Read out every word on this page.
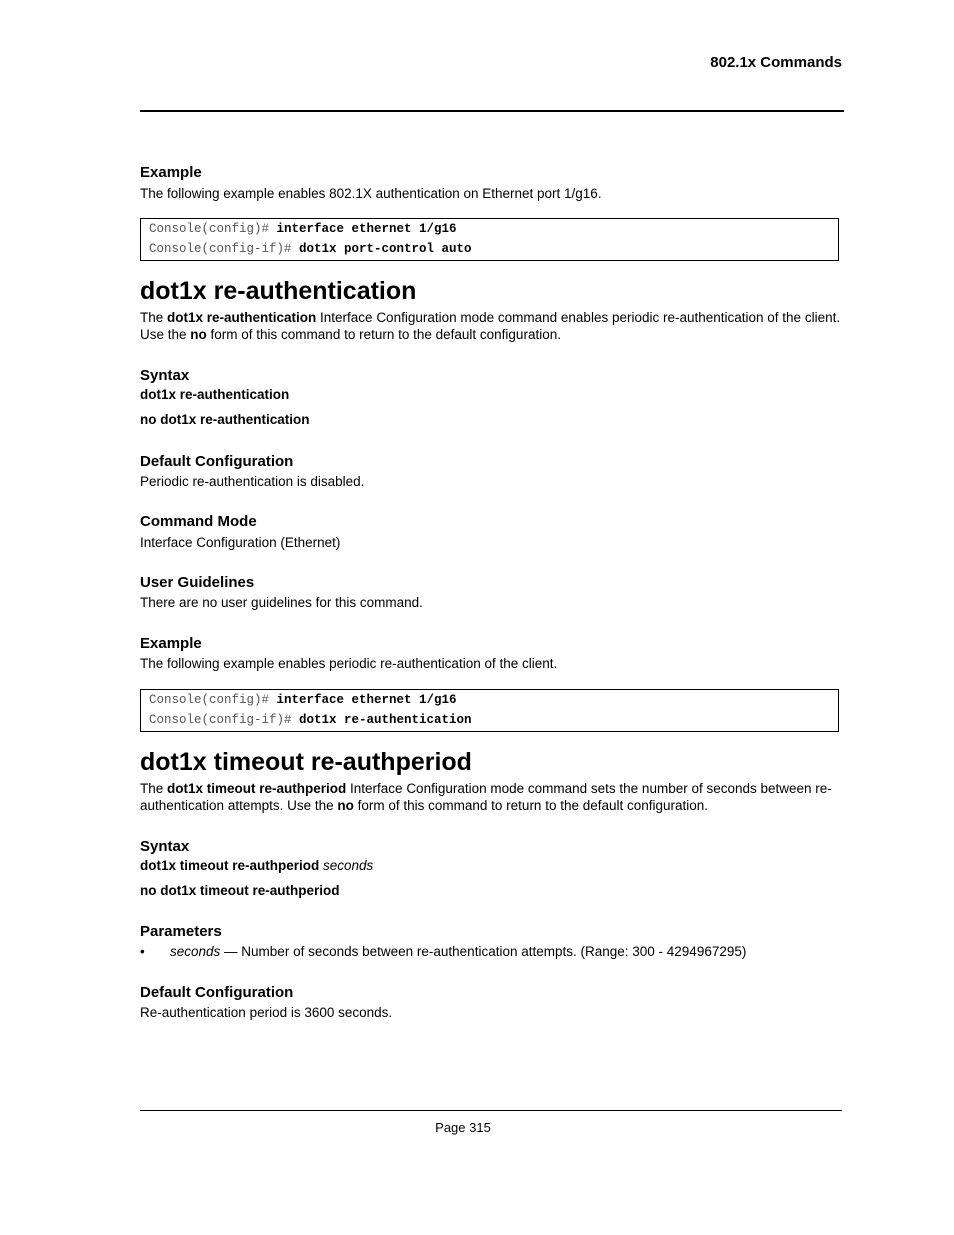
802.1x Commands
Example
The following example enables 802.1X authentication on Ethernet port 1/g16.
Console(config)# interface ethernet 1/g16
Console(config-if)# dot1x port-control auto
dot1x re-authentication
The dot1x re-authentication Interface Configuration mode command enables periodic re-authentication of the client. Use the no form of this command to return to the default configuration.
Syntax
dot1x re-authentication
no dot1x re-authentication
Default Configuration
Periodic re-authentication is disabled.
Command Mode
Interface Configuration (Ethernet)
User Guidelines
There are no user guidelines for this command.
Example
The following example enables periodic re-authentication of the client.
Console(config)# interface ethernet 1/g16
Console(config-if)# dot1x re-authentication
dot1x timeout re-authperiod
The dot1x timeout re-authperiod Interface Configuration mode command sets the number of seconds between re-authentication attempts. Use the no form of this command to return to the default configuration.
Syntax
dot1x timeout re-authperiod seconds
no dot1x timeout re-authperiod
Parameters
• seconds — Number of seconds between re-authentication attempts. (Range: 300 - 4294967295)
Default Configuration
Re-authentication period is 3600 seconds.
Page 315
